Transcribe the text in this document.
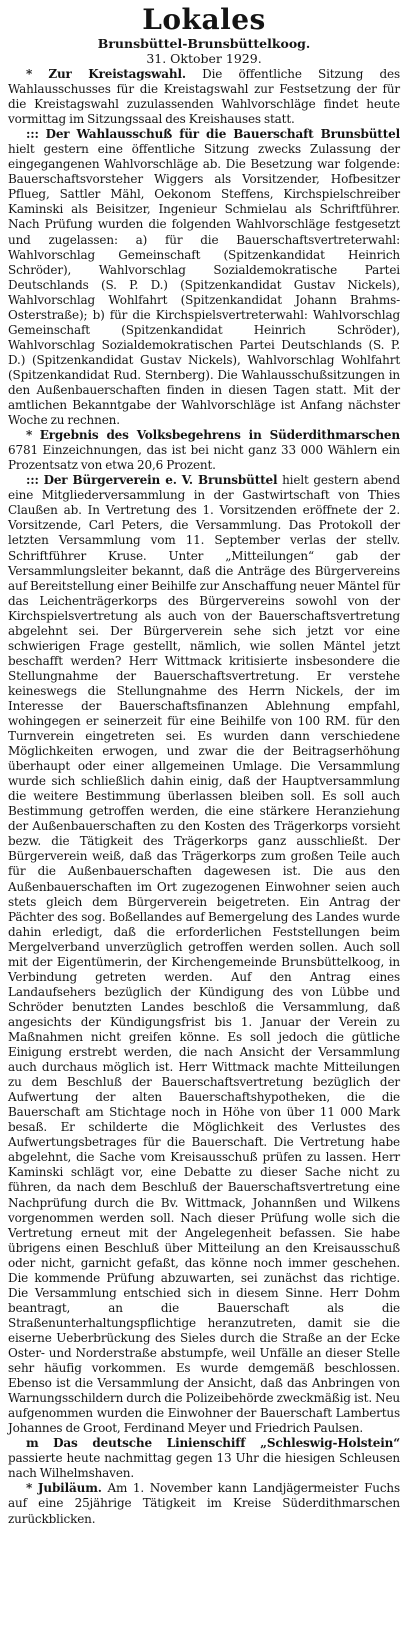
Lokales
Brunsbüttel-Brunsbüttelkoog.
31. Oktober 1929.

* Zur Kreistagswahl. Die öffentliche Sitzung des Wahlausschusses für die Kreistagswahl zur Festsetzung der für die Kreistagswahl zuzulassenden Wahlvorschläge findet heute vormittag im Sitzungssaal des Kreishauses statt.

::: Der Wahlausschuß für die Bauerschaft Brunsbüttel hielt gestern eine öffentliche Sitzung zwecks Zulassung der eingegangenen Wahlvorschläge ab. Die Besetzung war folgende: Bauerschaftsvorsteher Wiggers als Vorsitzender, Hofbesitzer Pflueg, Sattler Mähl, Oekonom Steffens, Kirchspielschreiber Kaminski als Beisitzer, Ingenieur Schmielau als Schriftführer. Nach Prüfung wurden die folgenden Wahlvorschläge festgesetzt und zugelassen: a) für die Bauerschaftsvertreterwahl: Wahlvorschlag Gemeinschaft (Spitzenkandidat Heinrich Schröder), Wahlvorschlag Sozialdemokratische Partei Deutschlands (S. P. D.) (Spitzenkandidat Gustav Nickels), Wahlvorschlag Wohlfahrt (Spitzenkandidat Johann Brahms-Osterstraße); b) für die Kirchspielsvertreterwahl: Wahlvorschlag Gemeinschaft (Spitzenkandidat Heinrich Schröder), Wahlvorschlag Sozialdemokratischen Partei Deutschlands (S. P. D.) (Spitzenkandidat Gustav Nickels), Wahlvorschlag Wohlfahrt (Spitzenkandidat Rud. Sternberg). Die Wahlausschußsitzungen in den Außenbauerschaften finden in diesen Tagen statt. Mit der amtlichen Bekanntgabe der Wahlvorschläge ist Anfang nächster Woche zu rechnen.

* Ergebnis des Volksbegehrens in Süderdithmarschen 6781 Einzeichnungen, das ist bei nicht ganz 33 000 Wählern ein Prozentsatz von etwa 20,6 Prozent.

::: Der Bürgerverein e. V. Brunsbüttel hielt gestern abend eine Mitgliederversammlung in der Gastwirtschaft von Thies Claußen ab. In Vertretung des 1. Vorsitzenden eröffnete der 2. Vorsitzende, Carl Peters, die Versammlung. Das Protokoll der letzten Versammlung vom 11. September verlas der stellv. Schriftführer Kruse. Unter „Mitteilungen“ gab der Versammlungsleiter bekannt, daß die Anträge des Bürgervereins auf Bereitstellung einer Beihilfe zur Anschaffung neuer Mäntel für das Leichenträgerkorps des Bürgervereins sowohl von der Kirchspielsvertretung als auch von der Bauerschaftsvertretung abgelehnt sei. Der Bürgerverein sehe sich jetzt vor eine schwierigen Frage gestellt, nämlich, wie sollen Mäntel jetzt beschafft werden? Herr Wittmack kritisierte insbesondere die Stellungnahme der Bauerschaftsvertretung. Er verstehe keineswegs die Stellungnahme des Herrn Nickels, der im Interesse der Bauerschaftsfinanzen Ablehnung empfahl, wohingegen er seinerzeit für eine Beihilfe von 100 RM. für den Turnverein eingetreten sei. Es wurden dann verschiedene Möglichkeiten erwogen, und zwar die der Beitragserhöhung überhaupt oder einer allgemeinen Umlage. Die Versammlung wurde sich schließlich dahin einig, daß der Hauptversammlung die weitere Bestimmung überlassen bleiben soll. Es soll auch Bestimmung getroffen werden, die eine stärkere Heranziehung der Außenbauerschaften zu den Kosten des Trägerkorps vorsieht bezw. die Tätigkeit des Trägerkorps ganz ausschließt. Der Bürgerverein weiß, daß das Trägerkorps zum großen Teile auch für die Außenbauerschaften dagewesen ist. Die aus den Außenbauerschaften im Ort zugezogenen Einwohner seien auch stets gleich dem Bürgerverein beigetreten. Ein Antrag der Pächter des sog. Boßellandes auf Bemergelung des Landes wurde dahin erledigt, daß die erforderlichen Feststellungen beim Mergelverband unverzüglich getroffen werden sollen. Auch soll mit der Eigentümerin, der Kirchengemeinde Brunsbüttelkoog, in Verbindung getreten werden. Auf den Antrag eines Landaufsehers bezüglich der Kündigung des von Lübbe und Schröder benutzten Landes beschloß die Versammlung, daß angesichts der Kündigungsfrist bis 1. Januar der Verein zu Maßnahmen nicht greifen könne. Es soll jedoch die gütliche Einigung erstrebt werden, die nach Ansicht der Versammlung auch durchaus möglich ist. Herr Wittmack machte Mitteilungen zu dem Beschluß der Bauerschaftsvertretung bezüglich der Aufwertung der alten Bauerschaftshypotheken, die die Bauerschaft am Stichtage noch in Höhe von über 11 000 Mark besaß. Er schilderte die Möglichkeit des Verlustes des Aufwertungsbetrages für die Bauerschaft. Die Vertretung habe abgelehnt, die Sache vom Kreisausschuß prüfen zu lassen. Herr Kaminski schlägt vor, eine Debatte zu dieser Sache nicht zu führen, da nach dem Beschluß der Bauerschaftsvertretung eine Nachprüfung durch die Bv. Wittmack, Johannßen und Wilkens vorgenommen werden soll. Nach dieser Prüfung wolle sich die Vertretung erneut mit der Angelegenheit befassen. Sie habe übrigens einen Beschluß über Mitteilung an den Kreisausschuß oder nicht, garnicht gefaßt, das könne noch immer geschehen. Die kommende Prüfung abzuwarten, sei zunächst das richtige. Die Versammlung entschied sich in diesem Sinne. Herr Dohm beantragt, an die Bauerschaft als die Straßenunterhaltungspflichtige heranzutreten, damit sie die eiserne Ueberbrückung des Sieles durch die Straße an der Ecke Oster- und Norderstraße abstumpfe, weil Unfälle an dieser Stelle sehr häufig vorkommen. Es wurde demgemäß beschlossen. Ebenso ist die Versammlung der Ansicht, daß das Anbringen von Warnungsschildern durch die Polizeibehörde zweckmäßig ist. Neu aufgenommen wurden die Einwohner der Bauerschaft Lambertus Johannes de Groot, Ferdinand Meyer und Friedrich Paulsen.

m Das deutsche Linienschiff „Schleswig-Holstein“ passierte heute nachmittag gegen 13 Uhr die hiesigen Schleusen nach Wilhelmshaven.

* Jubiläum. Am 1. November kann Landjägermeister Fuchs auf eine 25jährige Tätigkeit im Kreise Süderdithmarschen zurückblicken.
